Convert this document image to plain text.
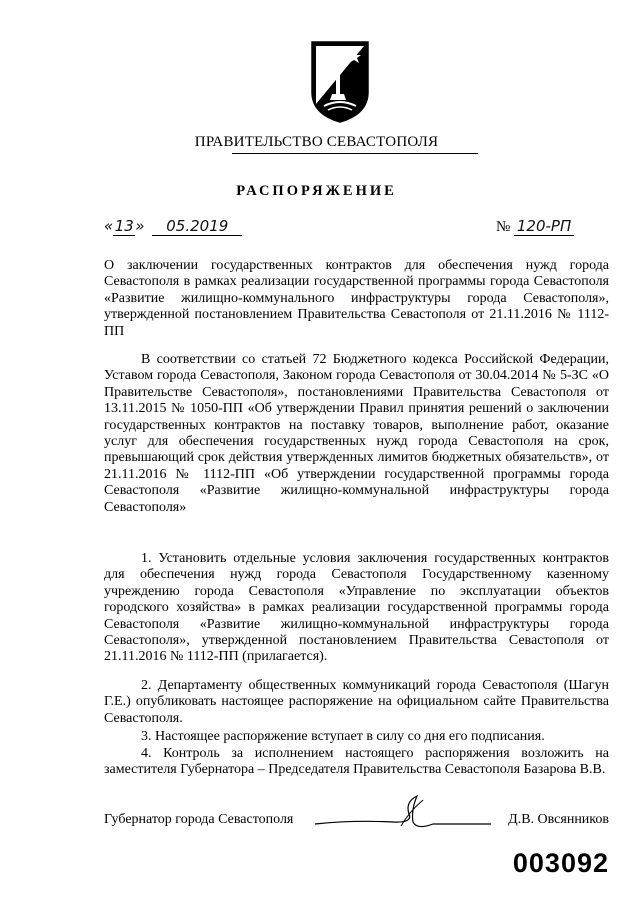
ПРАВИТЕЛЬСТВО СЕВАСТОПОЛЯ
РАСПОРЯЖЕНИЕ
«13» 05.2019	№ 120-РП

О заключении государственных контрактов для обеспечения нужд города Севастополя в рамках реализации государственной программы города Севастополя «Развитие жилищно-коммунального инфраструктуры города Севастополя», утвержденной постановлением Правительства Севастополя от 21.11.2016 № 1112-ПП

В соответствии со статьей 72 Бюджетного кодекса Российской Федерации, Уставом города Севастополя, Законом города Севастополя от 30.04.2014 № 5-ЗС «О Правительстве Севастополя», постановлениями Правительства Севастополя от 13.11.2015 № 1050-ПП «Об утверждении Правил принятия решений о заключении государственных контрактов на поставку товаров, выполнение работ, оказание услуг для обеспечения государственных нужд города Севастополя на срок, превышающий срок действия утвержденных лимитов бюджетных обязательств», от 21.11.2016 № 1112-ПП «Об утверждении государственной программы города Севастополя «Развитие жилищно-коммунальной инфраструктуры города Севастополя»

1. Установить отдельные условия заключения государственных контрактов для обеспечения нужд города Севастополя Государственному казенному учреждению города Севастополя «Управление по эксплуатации объектов городского хозяйства» в рамках реализации государственной программы города Севастополя «Развитие жилищно-коммунальной инфраструктуры города Севастополя», утвержденной постановлением Правительства Севастополя от 21.11.2016 № 1112-ПП (прилагается).

2. Департаменту общественных коммуникаций города Севастополя (Шагун Г.Е.) опубликовать настоящее распоряжение на официальном сайте Правительства Севастополя.

3. Настоящее распоряжение вступает в силу со дня его подписания.

4. Контроль за исполнением настоящего распоряжения возложить на заместителя Губернатора – Председателя Правительства Севастополя Базарова В.В.

Губернатор города Севастополя	Д.В. Овсянников
003092
